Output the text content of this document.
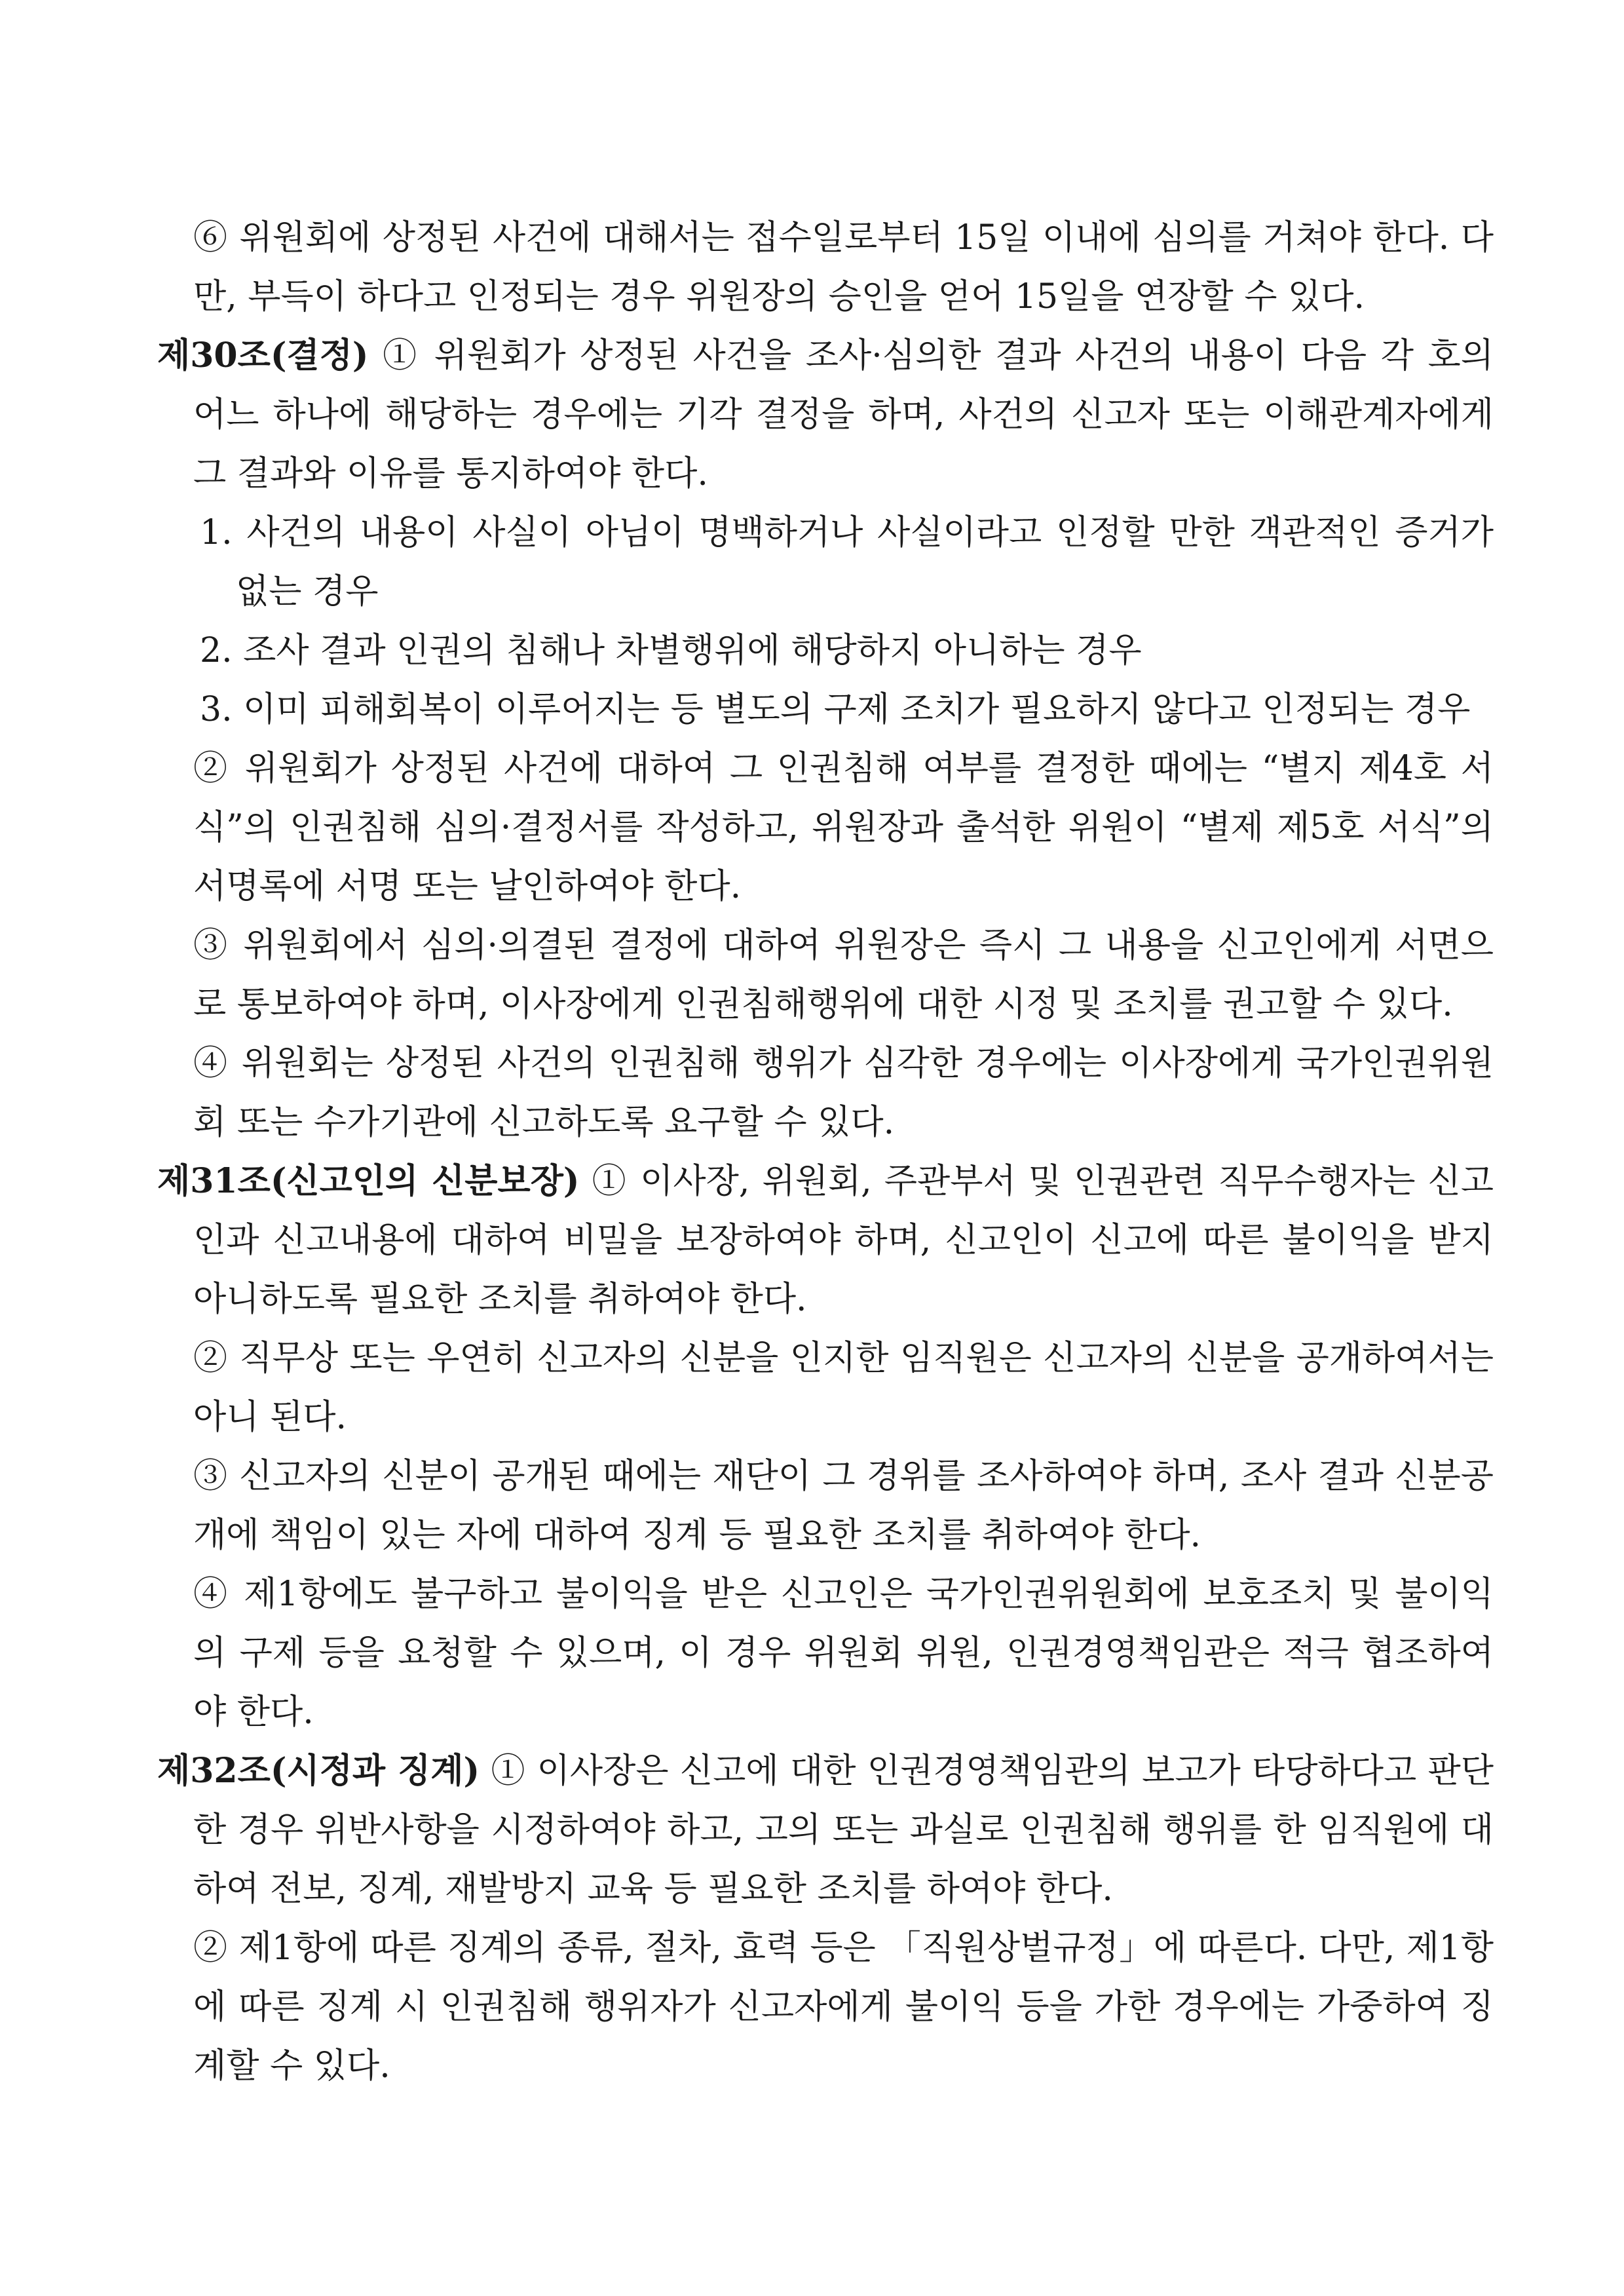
⑥ 위원회에 상정된 사건에 대해서는 접수일로부터 15일 이내에 심의를 거쳐야 한다. 다만, 부득이 하다고 인정되는 경우 위원장의 승인을 얻어 15일을 연장할 수 있다.

제30조(결정) ① 위원회가 상정된 사건을 조사·심의한 결과 사건의 내용이 다음 각 호의 어느 하나에 해당하는 경우에는 기각 결정을 하며, 사건의 신고자 또는 이해관계자에게 그 결과와 이유를 통지하여야 한다.

1. 사건의 내용이 사실이 아님이 명백하거나 사실이라고 인정할 만한 객관적인 증거가 없는 경우

2. 조사 결과 인권의 침해나 차별행위에 해당하지 아니하는 경우

3. 이미 피해회복이 이루어지는 등 별도의 구제 조치가 필요하지 않다고 인정되는 경우

② 위원회가 상정된 사건에 대하여 그 인권침해 여부를 결정한 때에는 “별지 제4호 서식”의 인권침해 심의·결정서를 작성하고, 위원장과 출석한 위원이 “별제 제5호 서식”의 서명록에 서명 또는 날인하여야 한다.

③ 위원회에서 심의·의결된 결정에 대하여 위원장은 즉시 그 내용을 신고인에게 서면으로 통보하여야 하며, 이사장에게 인권침해행위에 대한 시정 및 조치를 권고할 수 있다.

④ 위원회는 상정된 사건의 인권침해 행위가 심각한 경우에는 이사장에게 국가인권위원회 또는 수가기관에 신고하도록 요구할 수 있다.

제31조(신고인의 신분보장) ① 이사장, 위원회, 주관부서 및 인권관련 직무수행자는 신고인과 신고내용에 대하여 비밀을 보장하여야 하며, 신고인이 신고에 따른 불이익을 받지 아니하도록 필요한 조치를 취하여야 한다.

② 직무상 또는 우연히 신고자의 신분을 인지한 임직원은 신고자의 신분을 공개하여서는 아니 된다.

③ 신고자의 신분이 공개된 때에는 재단이 그 경위를 조사하여야 하며, 조사 결과 신분공개에 책임이 있는 자에 대하여 징계 등 필요한 조치를 취하여야 한다.

④ 제1항에도 불구하고 불이익을 받은 신고인은 국가인권위원회에 보호조치 및 불이익의 구제 등을 요청할 수 있으며, 이 경우 위원회 위원, 인권경영책임관은 적극 협조하여야 한다.

제32조(시정과 징계) ① 이사장은 신고에 대한 인권경영책임관의 보고가 타당하다고 판단한 경우 위반사항을 시정하여야 하고, 고의 또는 과실로 인권침해 행위를 한 임직원에 대하여 전보, 징계, 재발방지 교육 등 필요한 조치를 하여야 한다.

② 제1항에 따른 징계의 종류, 절차, 효력 등은 「직원상벌규정」에 따른다. 다만, 제1항에 따른 징계 시 인권침해 행위자가 신고자에게 불이익 등을 가한 경우에는 가중하여 징계할 수 있다.
